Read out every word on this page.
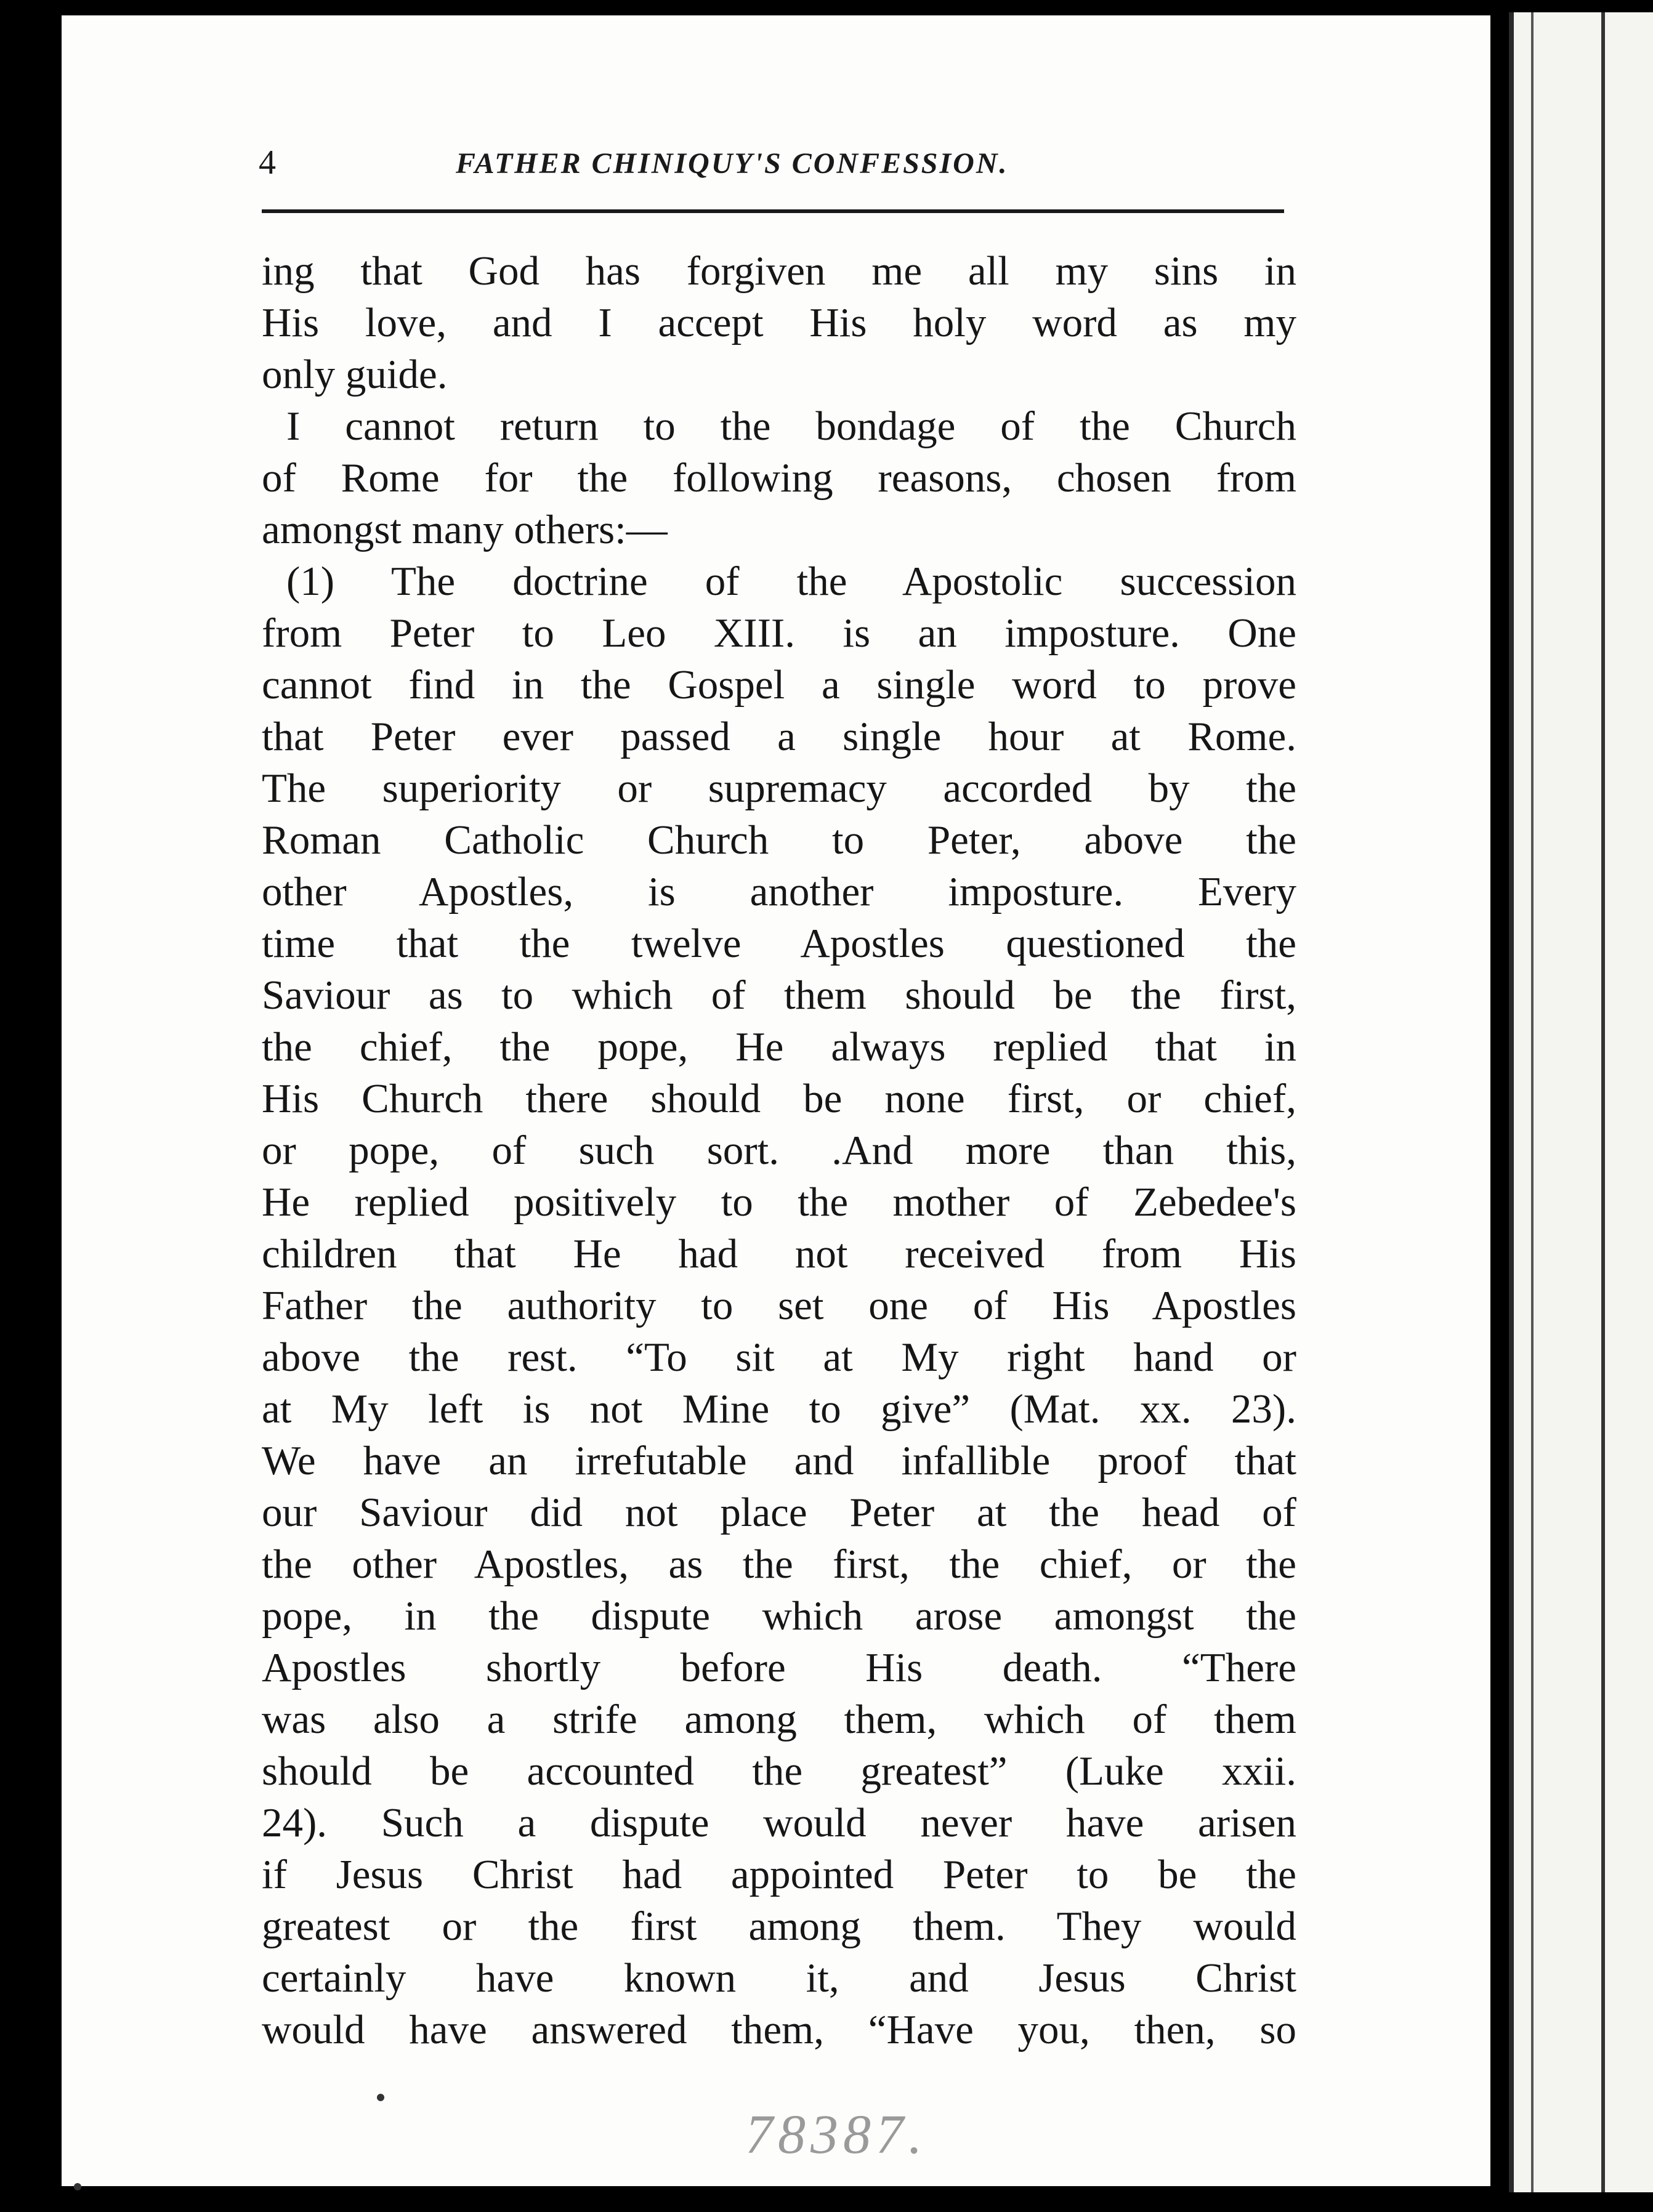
4	FATHER CHINIQUY'S CONFESSION.
ing that God has forgiven me all my sins in
His love, and I accept His holy word as my
only guide.
I cannot return to the bondage of the Church
of Rome for the following reasons, chosen from
amongst many others:—
(1) The doctrine of the Apostolic succession
from Peter to Leo XIII. is an imposture. One
cannot find in the Gospel a single word to prove
that Peter ever passed a single hour at Rome.
The superiority or supremacy accorded by the
Roman Catholic Church to Peter, above the
other Apostles, is another imposture. Every
time that the twelve Apostles questioned the
Saviour as to which of them should be the first,
the chief, the pope, He always replied that in
His Church there should be none first, or chief,
or pope, of such sort. .And more than this,
He replied positively to the mother of Zebedee's
children that He had not received from His
Father the authority to set one of His Apostles
above the rest. “To sit at My right hand or
at My left is not Mine to give” (Mat. xx. 23).
We have an irrefutable and infallible proof that
our Saviour did not place Peter at the head of
the other Apostles, as the first, the chief, or the
pope, in the dispute which arose amongst the
Apostles shortly before His death. “There
was also a strife among them, which of them
should be accounted the greatest” (Luke xxii.
24). Such a dispute would never have arisen
if Jesus Christ had appointed Peter to be the
greatest or the first among them. They would
certainly have known it, and Jesus Christ
would have answered them, “Have you, then, so
78387.
